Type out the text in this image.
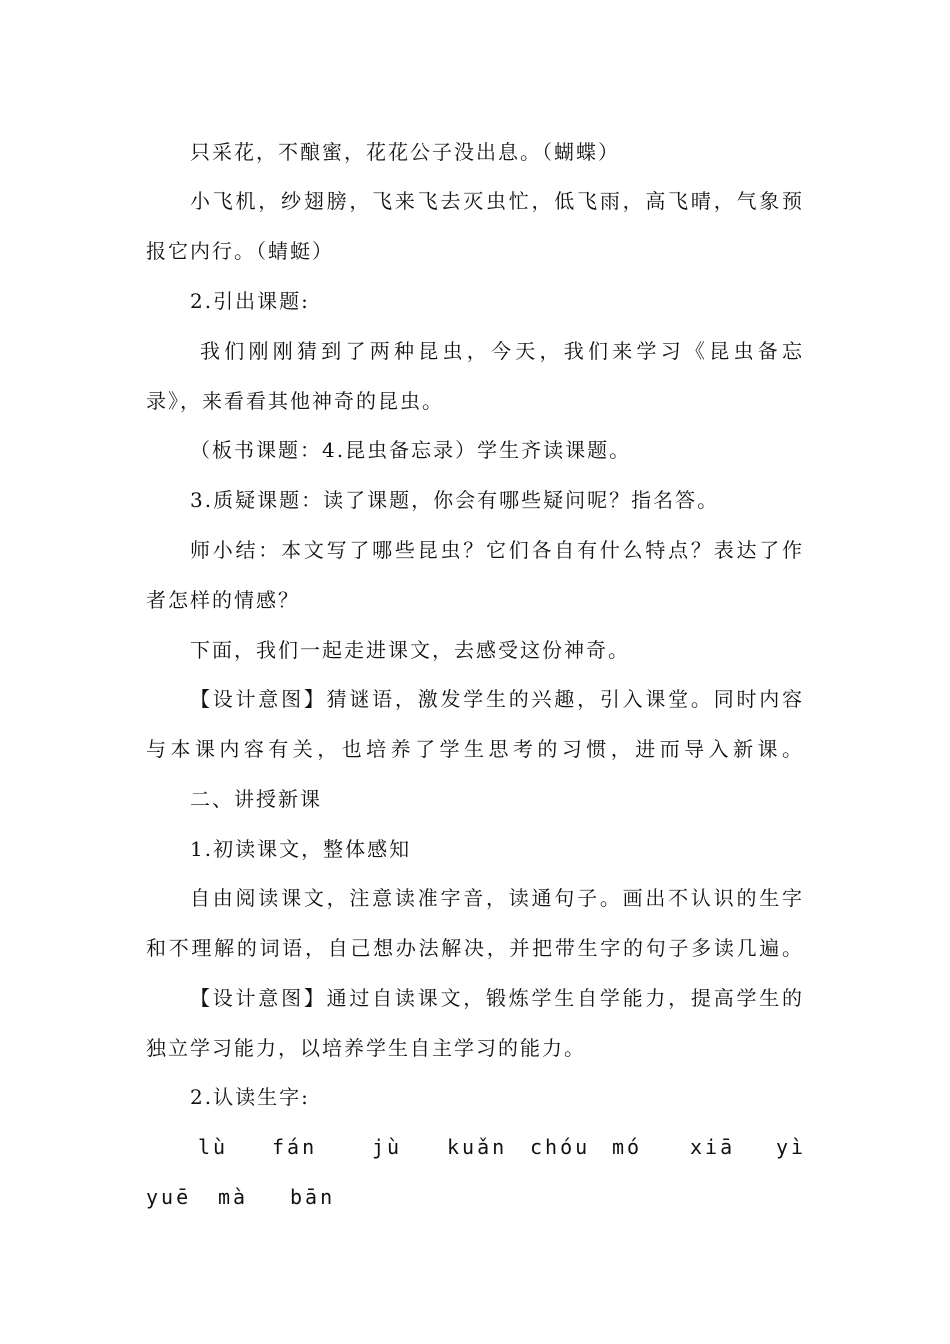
只采花，不酿蜜，花花公子没出息。（蝴蝶）
小飞机，纱翅膀，飞来飞去灭虫忙，低飞雨，高飞晴，气象预
报它内行。（蜻蜓）
2.引出课题:
我们刚刚猜到了两种昆虫，今天，我们来学习《昆虫备忘
录》，来看看其他神奇的昆虫。
（板书课题：4.昆虫备忘录）学生齐读课题。
3.质疑课题：读了课题，你会有哪些疑问呢？指名答。
师小结：本文写了哪些昆虫？它们各自有什么特点？表达了作
者怎样的情感？
下面，我们一起走进课文，去感受这份神奇。
【设计意图】猜谜语，激发学生的兴趣，引入课堂。同时内容
与本课内容有关，也培养了学生思考的习惯，进而导入新课。
二、讲授新课
1.初读课文，整体感知
自由阅读课文，注意读准字音，读通句子。画出不认识的生字
和不理解的词语，自己想办法解决，并把带生字的句子多读几遍。
【设计意图】通过自读课文，锻炼学生自学能力，提高学生的
独立学习能力，以培养学生自主学习的能力。
2.认读生字:
lù fán	jù kuǎn chóu mó xiā yì
yuē mà bān
